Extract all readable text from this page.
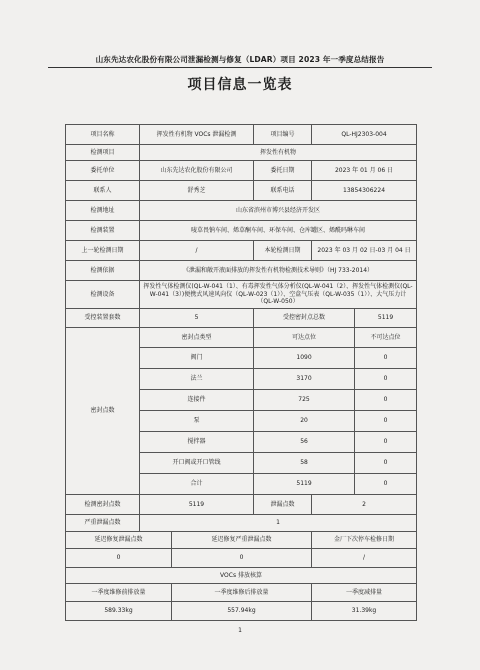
山东先达农化股份有限公司泄漏检测与修复（LDAR）项目 2023 年一季度总结报告
项目信息一览表
项目名称	挥发性有机物 VOCs 泄漏检测		项目编号	QL-HJ2303-004	
检测项目	挥发性有机物				
委托单位	山东先达农化股份有限公司		委托日期	2023 年 01 月 06 日	
联系人	舒秀芝		联系电话	13854306224	
检测地址	山东省滨州市博兴县经济开发区				
检测装置	唛草畏钠车间、烯草酮车间、环保车间、仓库罐区、烯酰吗啉车间				
上一轮检测日期	/		本轮检测日期	2023 年 03 月 02 日-03 月 04 日	
检测依据	《泄漏和敞开液面排放的挥发性有机物检测技术导则》（HJ 733-2014）				
检测设备	挥发性气体检测仪(QL-W-041（1）、有毒挥发性气体分析仪(QL-W-041（2）、挥发性气体检测仪(QL-W-041（3）)便携式风速风向仪（QL-W-023（1））、空盒气压表（QL-W-035（1））、大气压力计（QL-W-050）				
受控装置套数	5		受控密封点总数		5119
密封点数	密封点类型		可达点位		不可达点位
	阀门		1090		0
	法兰		3170		0
	连接件		725		0
	泵		20		0
	搅拌器		56		0
	开口阀或开口管线		58		0
	合计		5119		0
检测密封点数	5119		泄漏点数	2	
严重泄漏点数	1				
延迟修复泄漏点数		延迟修复严重泄漏点数		金厂下次停车检修日期	
0		0		/	
VOCs 排放核算					
一季度维修前排放量		一季度维修后排放量		一季度减排量	
589.33kg		557.94kg		31.39kg	
1
